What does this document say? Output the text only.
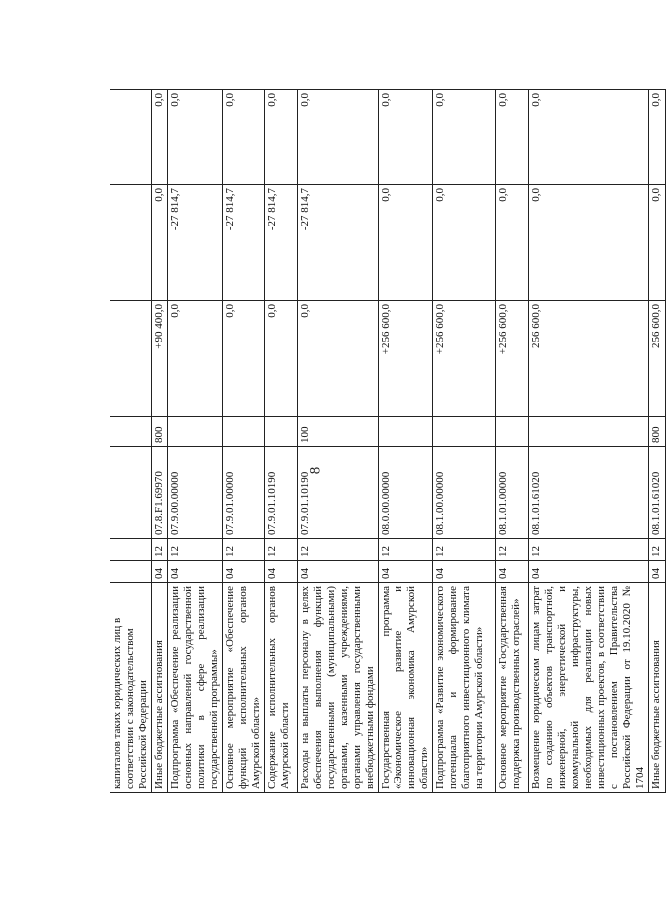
8
капиталов таких юридических лиц в соответствии с законодательством Российской Федерации							
Иные бюджетные ассигнования	04	12	07.8.F1.69970	800	+90 400,0	0,0	0,0
Подпрограмма «Обеспечение реализации основных направлений государственной политики в сфере реализации государственной программы»	04	12	07.9.00.00000		0,0	-27 814,7	0,0
Основное мероприятие «Обеспечение функций исполнительных органов Амурской области»	04	12	07.9.01.00000		0,0	-27 814,7	0,0
Содержание исполнительных органов Амурской области	04	12	07.9.01.10190		0,0	-27 814,7	0,0
Расходы на выплаты персоналу в целях обеспечения выполнения функций государственными (муниципальными) органами, казенными учреждениями, органами управления государственными внебюджетными фондами	04	12	07.9.01.10190	100	0,0	-27 814,7	0,0
Государственная программа «Экономическое развитие и инновационная экономика Амурской области»	04	12	08.0.00.00000		+256 600,0	0,0	0,0
Подпрограмма «Развитие экономического потенциала и формирование благоприятного инвестиционного климата на территории Амурской области»	04	12	08.1.00.00000		+256 600,0	0,0	0,0
Основное мероприятие «Государственная поддержка производственных отраслей»	04	12	08.1.01.00000		+256 600,0	0,0	0,0
Возмещение юридическим лицам затрат по созданию объектов транспортной, инженерной, энергетической и коммунальной инфраструктуры, необходимых для реализации новых инвестиционных проектов, в соответствии с постановлением Правительства Российской Федерации от 19.10.2020 № 1704	04	12	08.1.01.61020		256 600,0	0,0	0,0
Иные бюджетные ассигнования	04	12	08.1.01.61020	800	256 600,0	0,0	0,0
